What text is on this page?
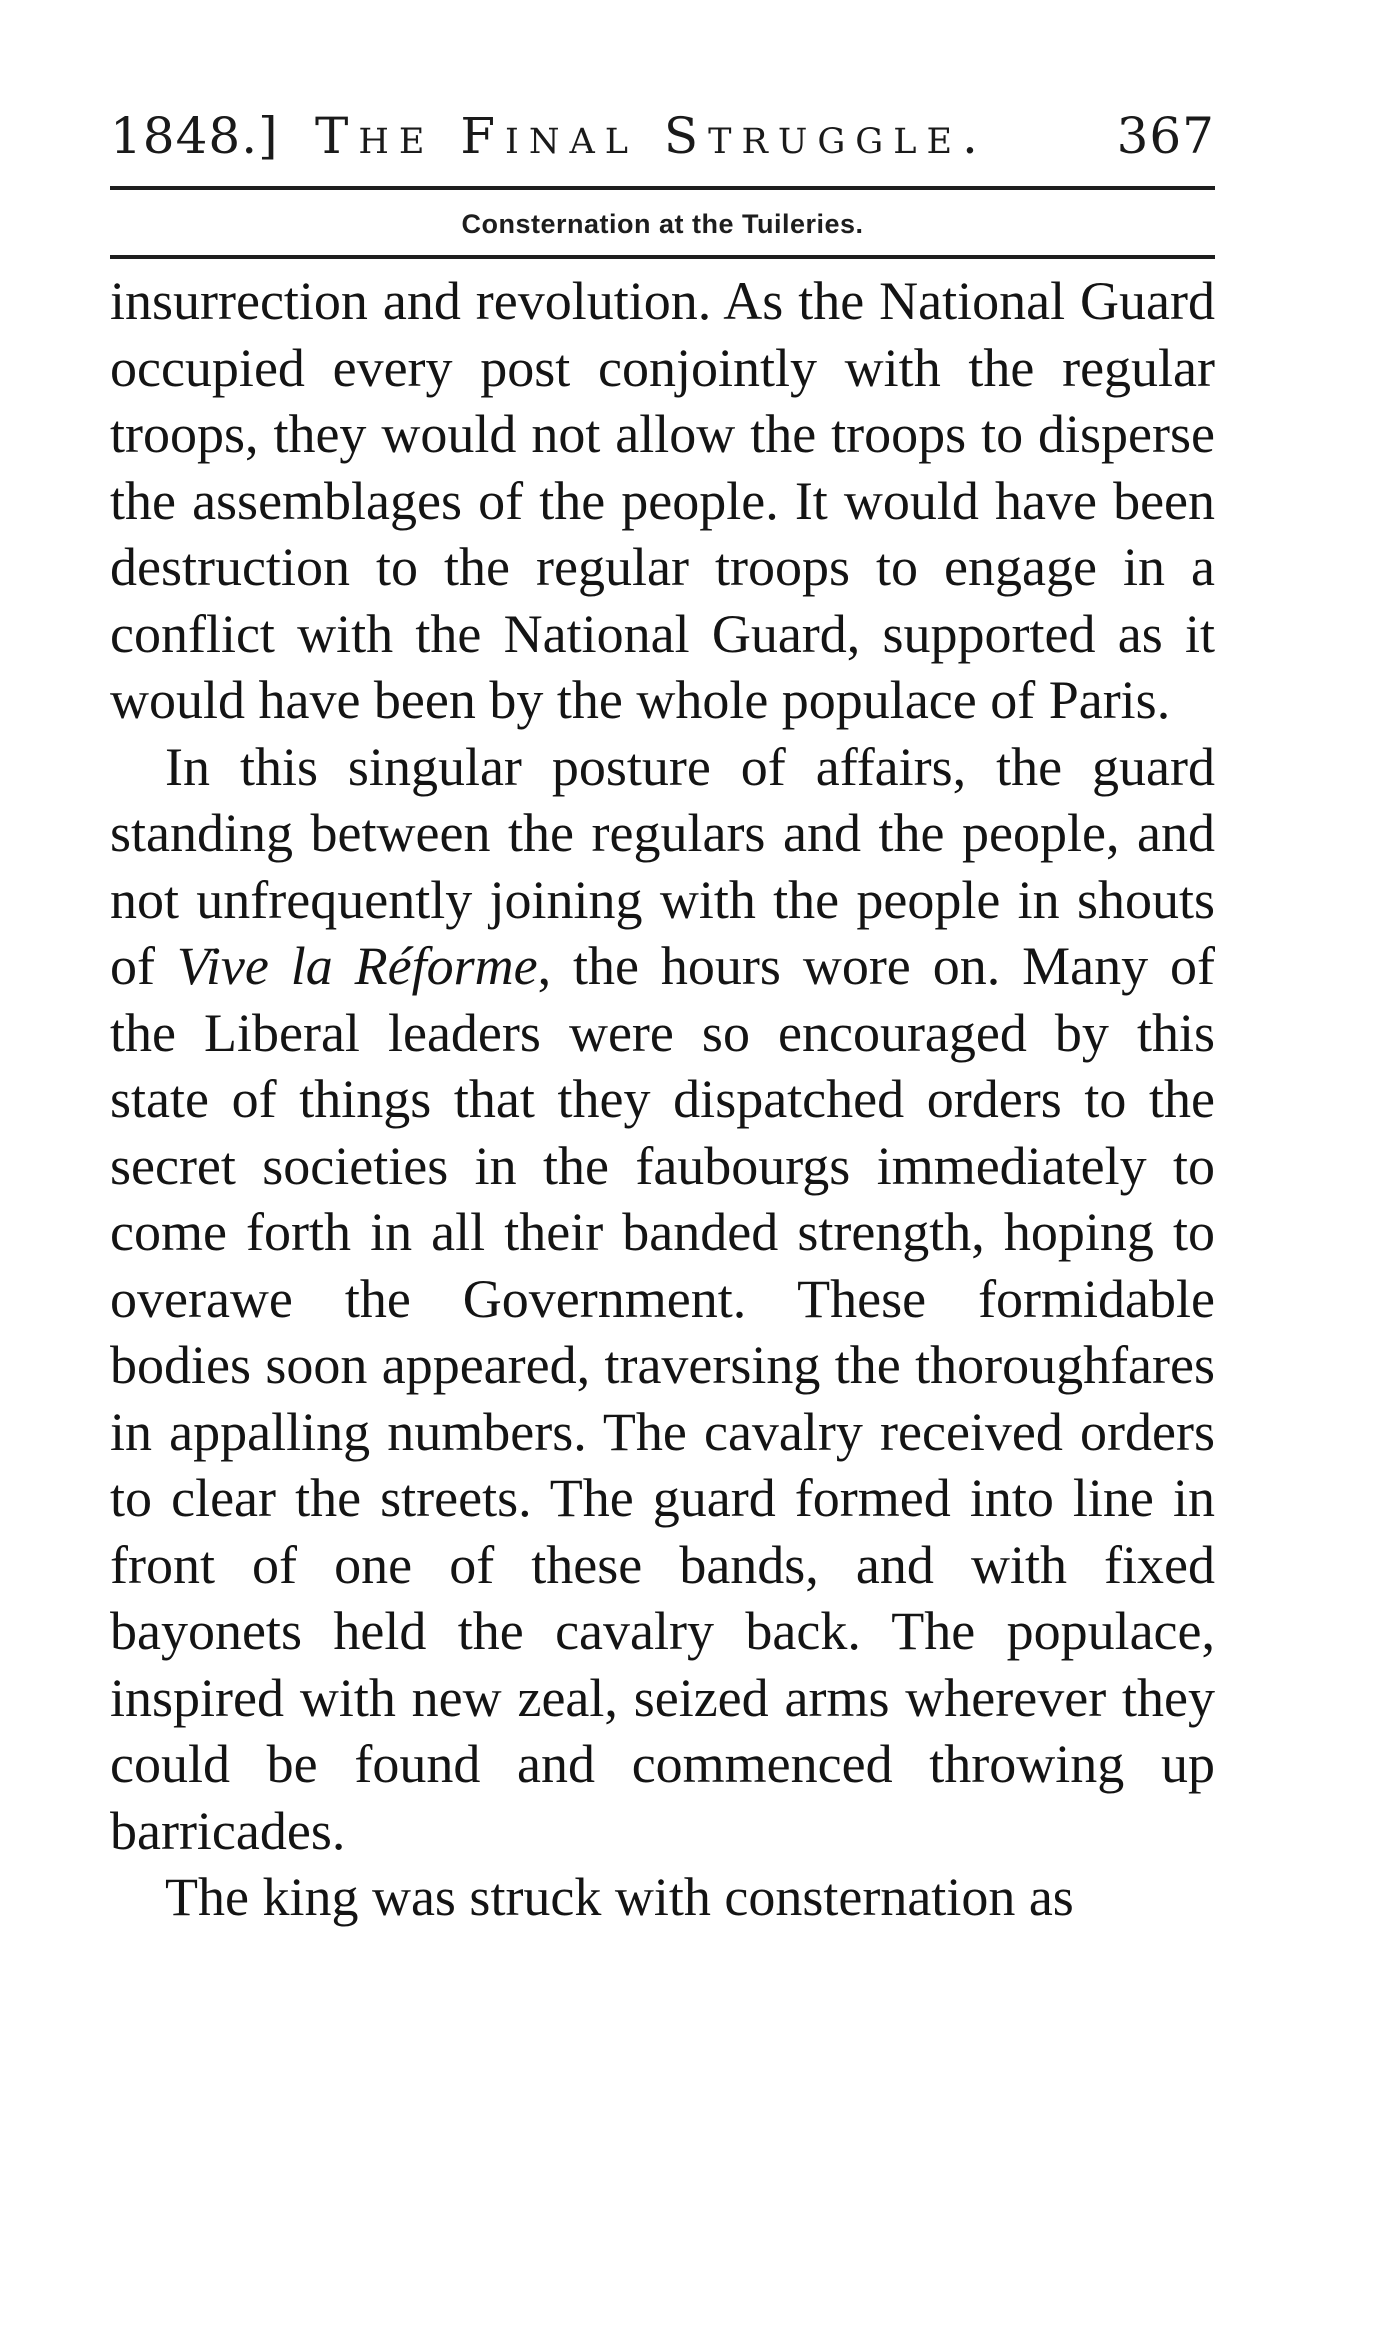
1848.] The Final Struggle.	367
Consternation at the Tuileries.

insurrection and revolution. As the National Guard occupied every post conjointly with the regular troops, they would not allow the troops to disperse the assemblages of the people. It would have been destruction to the regular troops to engage in a conflict with the National Guard, supported as it would have been by the whole populace of Paris.

In this singular posture of affairs, the guard standing between the regulars and the people, and not unfrequently joining with the people in shouts of Vive la Réforme, the hours wore on. Many of the Liberal leaders were so encouraged by this state of things that they dispatched orders to the secret societies in the faubourgs immediately to come forth in all their banded strength, hoping to overawe the Government. These formidable bodies soon appeared, traversing the thoroughfares in appalling numbers. The cavalry received orders to clear the streets. The guard formed into line in front of one of these bands, and with fixed bayonets held the cavalry back. The populace, inspired with new zeal, seized arms wherever they could be found and commenced throwing up barricades.

The king was struck with consternation as
